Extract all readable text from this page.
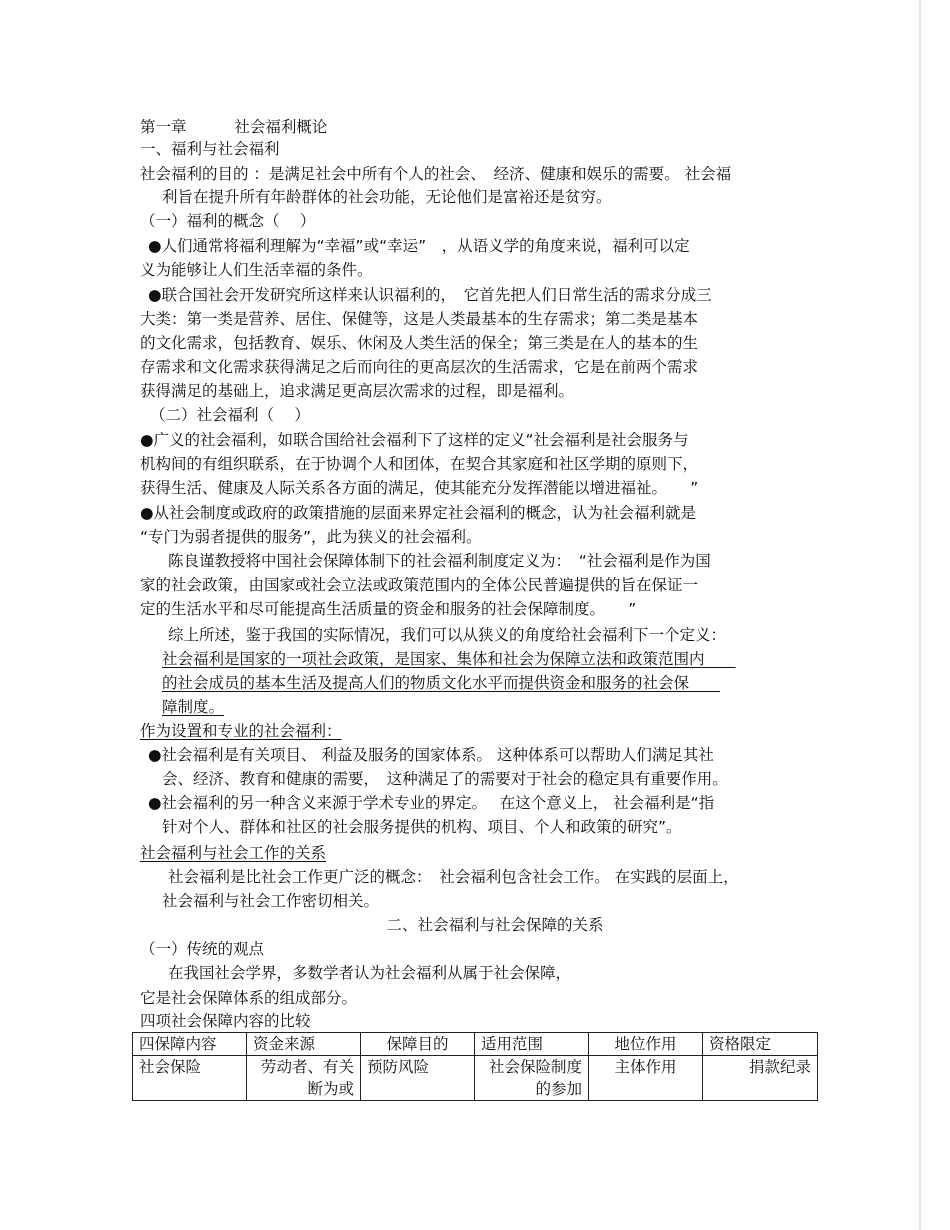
第一章	社会福利概论
一、福利与社会福利
社会福利的目的 ：是满足社会中所有个人的社会、　经济、健康和娱乐的需要。 社会福
利旨在提升所有年龄群体的社会功能，无论他们是富裕还是贫穷。
（一）福利的概念（　 ）
●人们通常将福利理解为“幸福”或“幸运”　，从语义学的角度来说，福利可以定
义为能够让人们生活幸福的条件。
●联合国社会开发研究所这样来认识福利的，　它首先把人们日常生活的需求分成三
大类：第一类是营养、居住、保健等，这是人类最基本的生存需求；第二类是基本
的文化需求，包括教育、娱乐、休闲及人类生活的保全；第三类是在人的基本的生
存需求和文化需求获得满足之后而向往的更高层次的生活需求，它是在前两个需求
获得满足的基础上，追求满足更高层次需求的过程，即是福利。
（二）社会福利（　 ）
●广义的社会福利，如联合国给社会福利下了这样的定义“社会福利是社会服务与
机构间的有组织联系，在于协调个人和团体，在契合其家庭和社区学期的原则下，
获得生活、健康及人际关系各方面的满足，使其能充分发挥潜能以增进福祉。　　”
●从社会制度或政府的政策措施的层面来界定社会福利的概念，认为社会福利就是
“专门为弱者提供的服务”，此为狭义的社会福利。
陈良谨教授将中国社会保障体制下的社会福利制度定义为：　“社会福利是作为国
家的社会政策，由国家或社会立法或政策范围内的全体公民普遍提供的旨在保证一
定的生活水平和尽可能提高生活质量的资金和服务的社会保障制度。　　”
综上所述，鉴于我国的实际情况，我们可以从狭义的角度给社会福利下一个定义：
社会福利是国家的一项社会政策，是国家、集体和社会为保障立法和政策范围内　　
的社会成员的基本生活及提高人们的物质文化水平而提供资金和服务的社会保　　
障制度。
作为设置和专业的社会福利：
●社会福利是有关项目、 利益及服务的国家体系。 这种体系可以帮助人们满足其社
会、经济、教育和健康的需要，　这种满足了的需要对于社会的稳定具有重要作用。
●社会福利的另一种含义来源于学术专业的界定。　 在这个意义上， 社会福利是“指
针对个人、群体和社区的社会服务提供的机构、项目、个人和政策的研究”。
社会福利与社会工作的关系
社会福利是比社会工作更广泛的概念：　社会福利包含社会工作。 在实践的层面上，
社会福利与社会工作密切相关。
二、社会福利与社会保障的关系
（一）传统的观点
在我国社会学界，多数学者认为社会福利从属于社会保障，
它是社会保障体系的组成部分。
四项社会保障内容的比较
四保障内容	资金来源	保障目的	适用范围	地位作用	资格限定
社会保险	劳动者、有关断为或	预防风险	社会保险制度的参加	主体作用	捐款纪录
